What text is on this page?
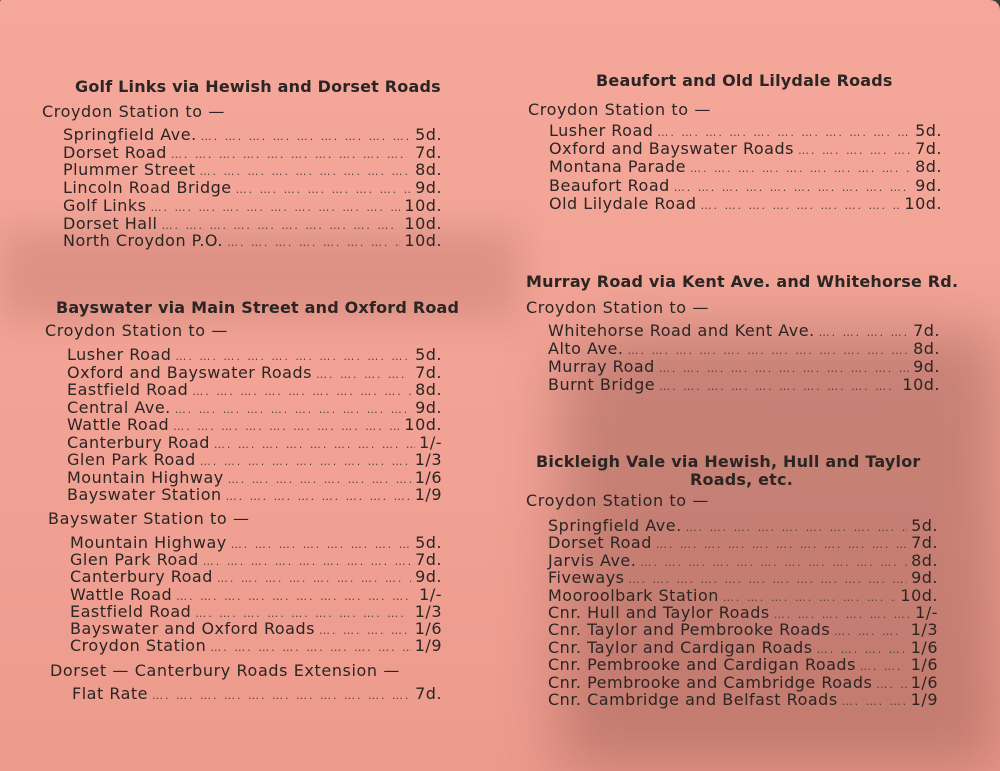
Golf Links via Hewish and Dorset Roads
Croydon Station to —
Springfield Ave. …. …. …. …. …. …. …. …. …. …. …. …. …. …. …. …. …. ….	5d.
Dorset Road …. …. …. …. …. …. …. …. …. …. …. …. …. …. …. …. …. ….	7d.
Plummer Street …. …. …. …. …. …. …. …. …. …. …. …. …. …. …. …. …. ….	8d.
Lincoln Road Bridge …. …. …. …. …. …. …. …. …. …. …. …. …. …. …. …. …. ….	9d.
Golf Links …. …. …. …. …. …. …. …. …. …. …. …. …. …. …. …. …. ….	10d.
Dorset Hall …. …. …. …. …. …. …. …. …. …. …. …. …. …. …. …. …. ….	10d.
North Croydon P.O. …. …. …. …. …. …. …. …. …. …. …. …. …. …. …. …. …. ….	10d.
Bayswater via Main Street and Oxford Road
Croydon Station to —
Lusher Road …. …. …. …. …. …. …. …. …. …. …. …. …. …. …. …. …. ….	5d.
Oxford and Bayswater Roads …. …. …. …. …. …. …. …. …. …. …. …. …. …. …. …. …. ….	7d.
Eastfield Road …. …. …. …. …. …. …. …. …. …. …. …. …. …. …. …. …. ….	8d.
Central Ave. …. …. …. …. …. …. …. …. …. …. …. …. …. …. …. …. …. ….	9d.
Wattle Road …. …. …. …. …. …. …. …. …. …. …. …. …. …. …. …. …. ….	10d.
Canterbury Road …. …. …. …. …. …. …. …. …. …. …. …. …. …. …. …. …. ….	1/-
Glen Park Road …. …. …. …. …. …. …. …. …. …. …. …. …. …. …. …. …. ….	1/3
Mountain Highway …. …. …. …. …. …. …. …. …. …. …. …. …. …. …. …. …. ….	1/6
Bayswater Station …. …. …. …. …. …. …. …. …. …. …. …. …. …. …. …. …. ….	1/9
Bayswater Station to —
Mountain Highway …. …. …. …. …. …. …. …. …. …. …. …. …. …. …. …. …. ….	5d.
Glen Park Road …. …. …. …. …. …. …. …. …. …. …. …. …. …. …. …. …. ….	7d.
Canterbury Road …. …. …. …. …. …. …. …. …. …. …. …. …. …. …. …. …. ….	9d.
Wattle Road …. …. …. …. …. …. …. …. …. …. …. …. …. …. …. …. …. ….	1/-
Eastfield Road …. …. …. …. …. …. …. …. …. …. …. …. …. …. …. …. …. ….	1/3
Bayswater and Oxford Roads …. …. …. …. …. …. …. …. …. …. …. …. …. …. …. …. …. ….	1/6
Croydon Station …. …. …. …. …. …. …. …. …. …. …. …. …. …. …. …. …. ….	1/9
Dorset — Canterbury Roads Extension —
Flat Rate …. …. …. …. …. …. …. …. …. …. …. …. …. …. …. …. …. ….	7d.
Beaufort and Old Lilydale Roads
Croydon Station to —
Lusher Road …. …. …. …. …. …. …. …. …. …. …. …. …. …. …. …. …. ….	5d.
Oxford and Bayswater Roads …. …. …. …. …. …. …. …. …. …. …. …. …. …. …. …. …. ….	7d.
Montana Parade …. …. …. …. …. …. …. …. …. …. …. …. …. …. …. …. …. ….	8d.
Beaufort Road …. …. …. …. …. …. …. …. …. …. …. …. …. …. …. …. …. ….	9d.
Old Lilydale Road …. …. …. …. …. …. …. …. …. …. …. …. …. …. …. …. …. ….	10d.
Murray Road via Kent Ave. and Whitehorse Rd.
Croydon Station to —
Whitehorse Road and Kent Ave. …. …. …. …. …. …. …. …. …. …. …. …. …. …. …. …. …. ….	7d.
Alto Ave. …. …. …. …. …. …. …. …. …. …. …. …. …. …. …. …. …. ….	8d.
Murray Road …. …. …. …. …. …. …. …. …. …. …. …. …. …. …. …. …. ….	9d.
Burnt Bridge …. …. …. …. …. …. …. …. …. …. …. …. …. …. …. …. …. ….	10d.
Bickleigh Vale via Hewish, Hull and Taylor
Roads, etc.
Croydon Station to —
Springfield Ave. …. …. …. …. …. …. …. …. …. …. …. …. …. …. …. …. …. ….	5d.
Dorset Road …. …. …. …. …. …. …. …. …. …. …. …. …. …. …. …. …. ….	7d.
Jarvis Ave. …. …. …. …. …. …. …. …. …. …. …. …. …. …. …. …. …. ….	8d.
Fiveways …. …. …. …. …. …. …. …. …. …. …. …. …. …. …. …. …. ….	9d.
Mooroolbark Station …. …. …. …. …. …. …. …. …. …. …. …. …. …. …. …. …. ….	10d.
Cnr. Hull and Taylor Roads …. …. …. …. …. …. …. …. …. …. …. …. …. …. …. …. …. ….	1/-
Cnr. Taylor and Pembrooke Roads …. …. …. …. …. …. …. …. …. …. …. …. …. …. …. …. …. ….	1/3
Cnr. Taylor and Cardigan Roads …. …. …. …. …. …. …. …. …. …. …. …. …. …. …. …. …. ….	1/6
Cnr. Pembrooke and Cardigan Roads …. …. …. …. …. …. …. …. …. …. …. …. …. …. …. …. …. ….	1/6
Cnr. Pembrooke and Cambridge Roads …. …. …. …. …. …. …. …. …. …. …. …. …. …. …. …. …. …. 1/6
Cnr. Cambridge and Belfast Roads …. …. …. …. …. …. …. …. …. …. …. …. …. …. …. …. …. ….	1/9
